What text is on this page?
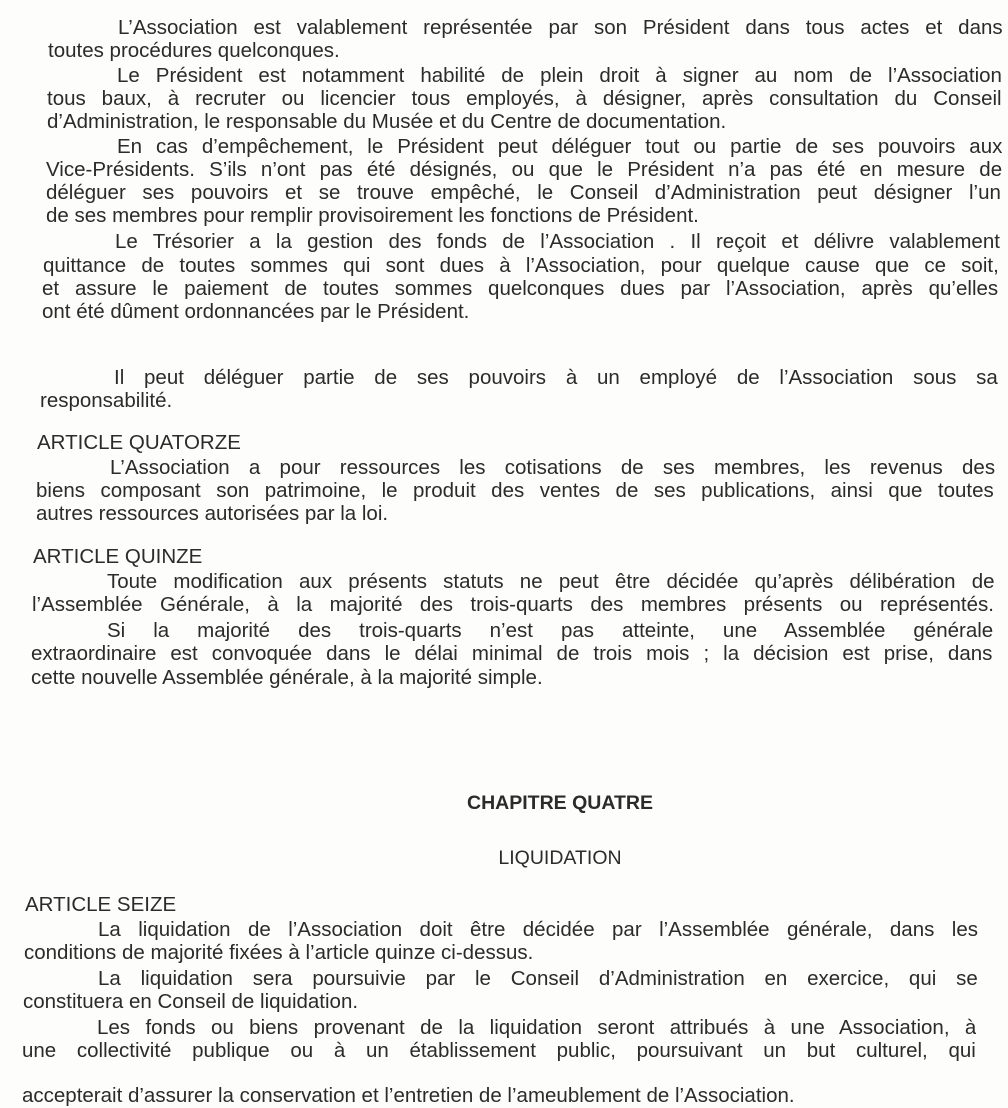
L’Association est valablement représentée par son Président dans tous actes et dans
toutes procédures quelconques.
Le Président est notamment habilité de plein droit à signer au nom de l’Association
tous baux, à recruter ou licencier tous employés, à désigner, après consultation du Conseil
d’Administration, le responsable du Musée et du Centre de documentation.
En cas d’empêchement, le Président peut déléguer tout ou partie de ses pouvoirs aux
Vice-Présidents. S’ils n’ont pas été désignés, ou que le Président n’a pas été en mesure de
déléguer ses pouvoirs et se trouve empêché, le Conseil d’Administration peut désigner l’un
de ses membres pour remplir provisoirement les fonctions de Président.
Le Trésorier a la gestion des fonds de l’Association . Il reçoit et délivre valablement
quittance de toutes sommes qui sont dues à l’Association, pour quelque cause que ce soit,
et assure le paiement de toutes sommes quelconques dues par l’Association, après qu’elles
ont été dûment ordonnancées par le Président.
Il peut déléguer partie de ses pouvoirs à un employé de l’Association sous sa
responsabilité.
ARTICLE QUATORZE
L’Association a pour ressources les cotisations de ses membres, les revenus des
biens composant son patrimoine, le produit des ventes de ses publications, ainsi que toutes
autres ressources autorisées par la loi.
ARTICLE QUINZE
Toute modification aux présents statuts ne peut être décidée qu’après délibération de
l’Assemblée Générale, à la majorité des trois-quarts des membres présents ou représentés.
Si la majorité des trois-quarts n’est pas atteinte, une Assemblée générale
extraordinaire est convoquée dans le délai minimal de trois mois ; la décision est prise, dans
cette nouvelle Assemblée générale, à la majorité simple.
CHAPITRE QUATRE
LIQUIDATION
ARTICLE SEIZE
La liquidation de l’Association doit être décidée par l’Assemblée générale, dans les
conditions de majorité fixées à l’article quinze ci-dessus.
La liquidation sera poursuivie par le Conseil d’Administration en exercice, qui se
constituera en Conseil de liquidation.
Les fonds ou biens provenant de la liquidation seront attribués à une Association, à
une collectivité publique ou à un établissement public, poursuivant un but culturel, qui
accepterait d’assurer la conservation et l’entretien de l’ameublement de l’Association.
